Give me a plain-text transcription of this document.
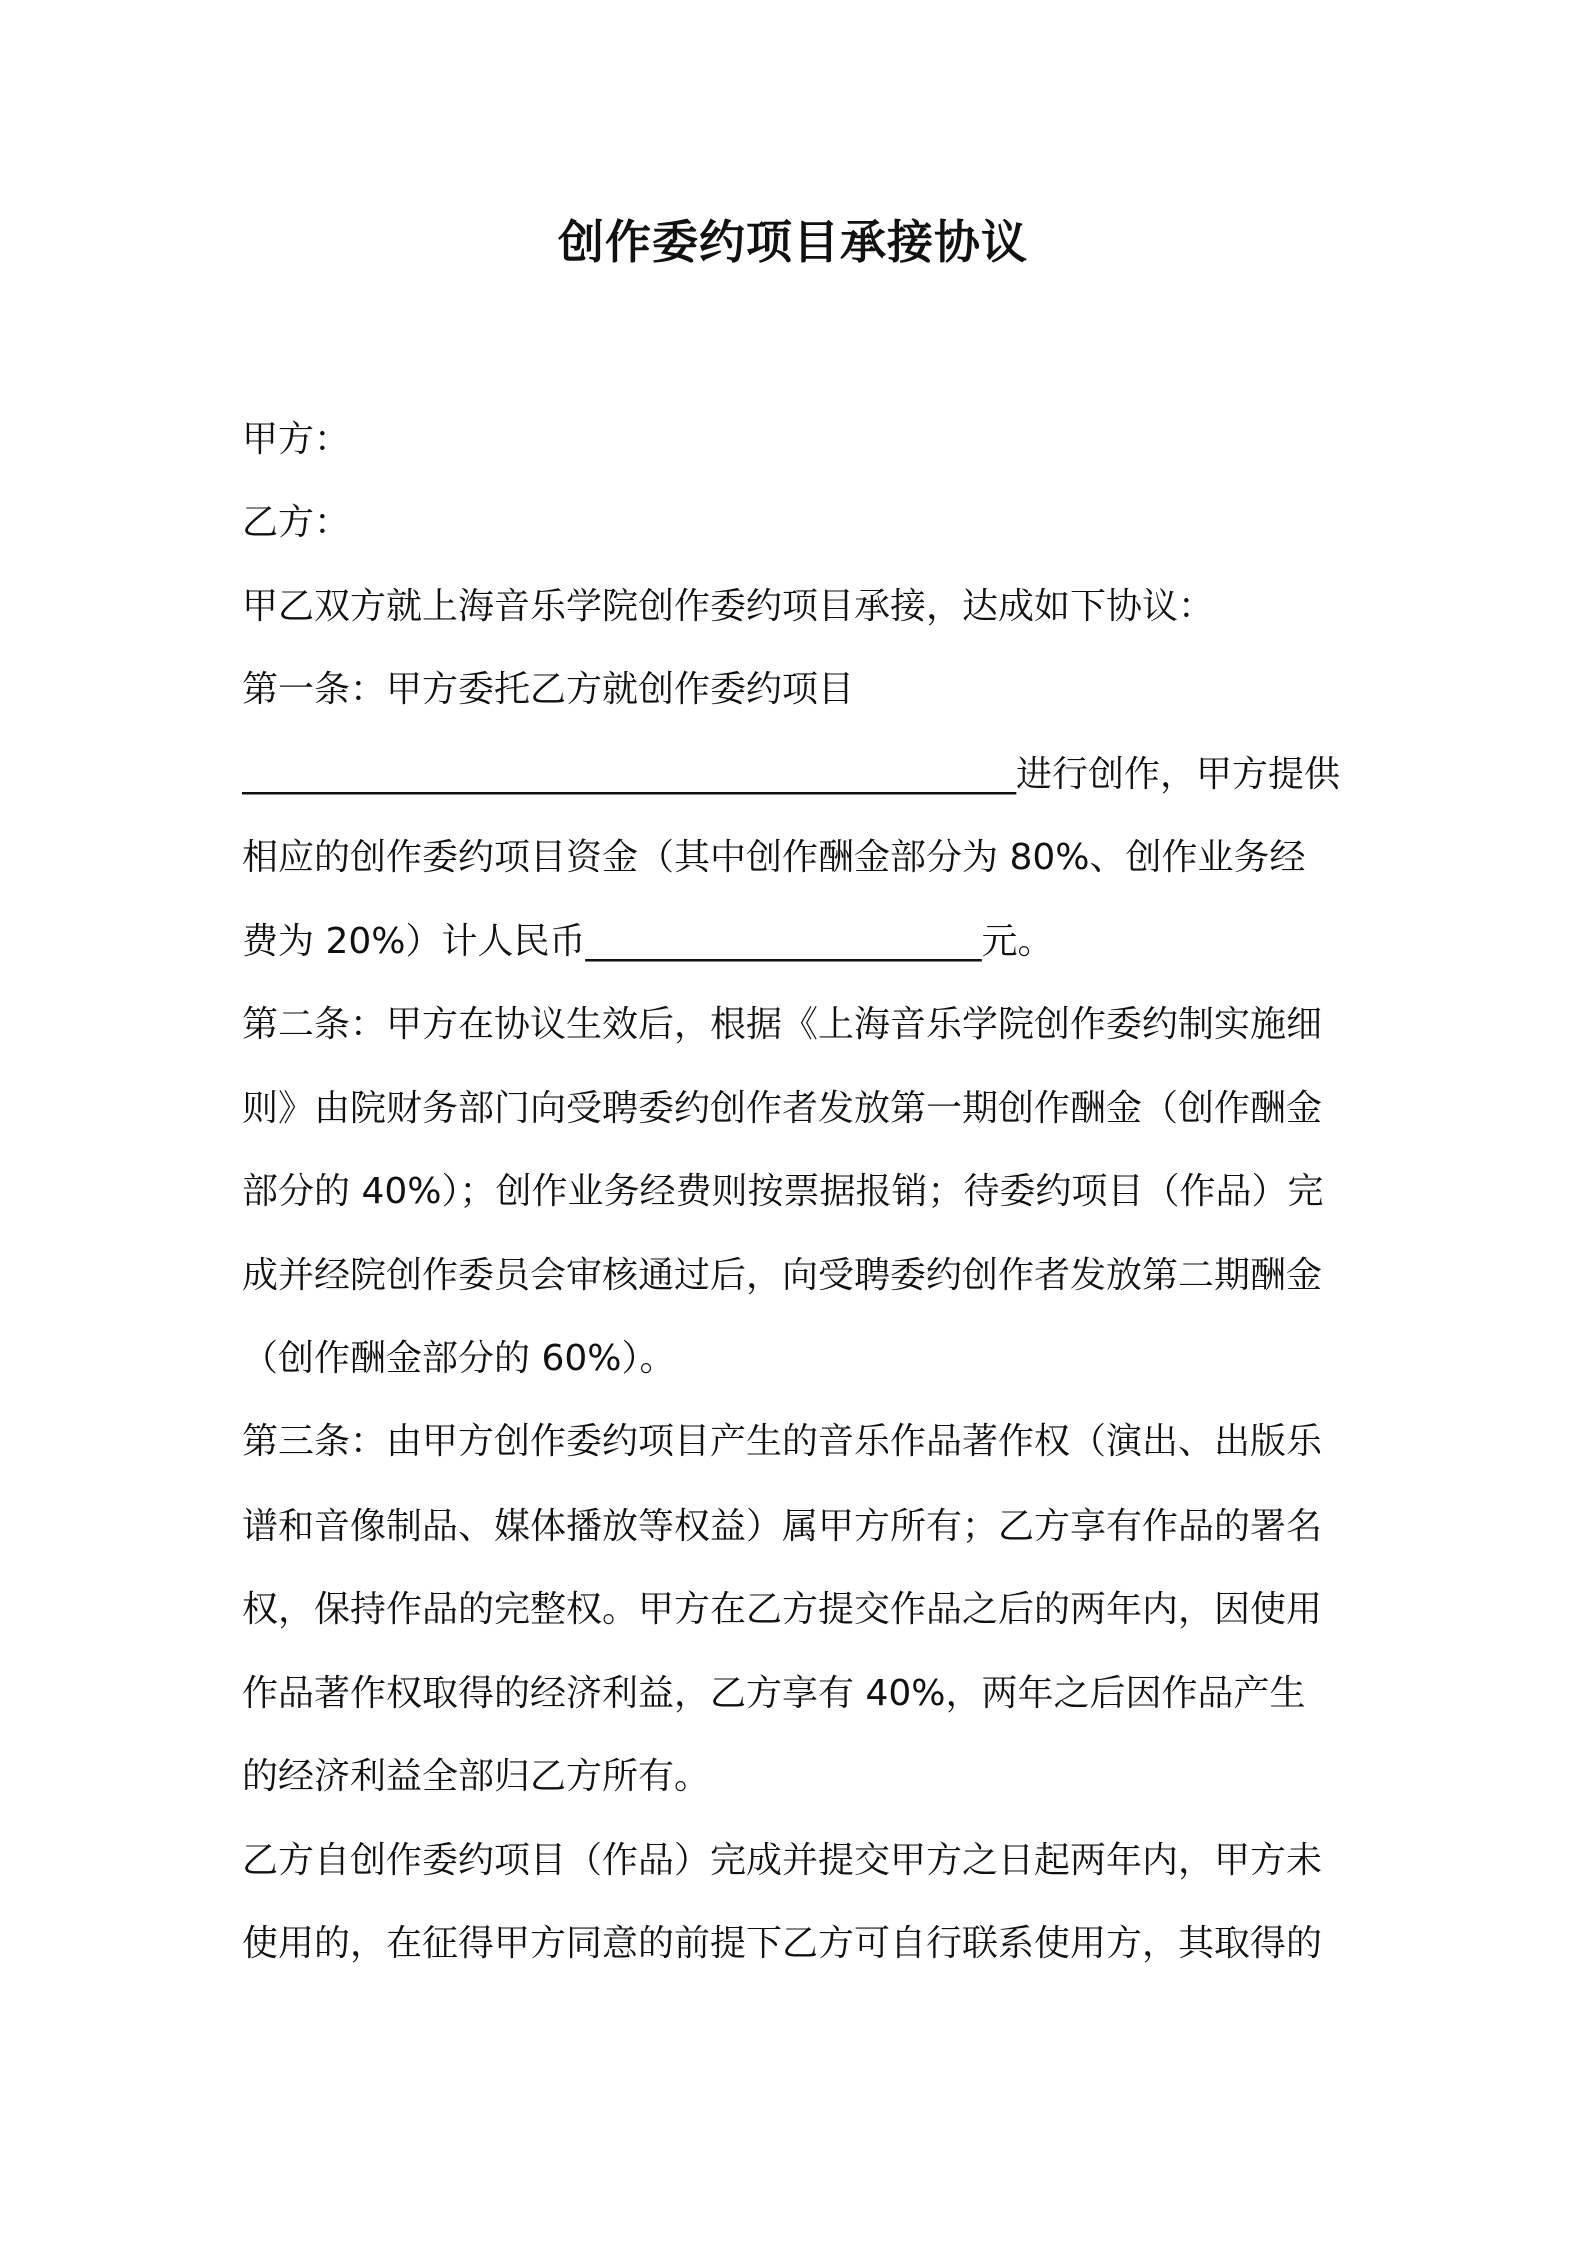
创作委约项目承接协议
甲方：
乙方：
甲乙双方就上海音乐学院创作委约项目承接，达成如下协议：
第一条：甲方委托乙方就创作委约项目
___________________________________________进行创作，甲方提供
相应的创作委约项目资金（其中创作酬金部分为 80%、创作业务经
费为 20%）计人民币______________________元。
第二条：甲方在协议生效后，根据《上海音乐学院创作委约制实施细
则》由院财务部门向受聘委约创作者发放第一期创作酬金（创作酬金
部分的 40%）；创作业务经费则按票据报销；待委约项目（作品）完
成并经院创作委员会审核通过后，向受聘委约创作者发放第二期酬金
（创作酬金部分的 60%）。
第三条：由甲方创作委约项目产生的音乐作品著作权（演出、出版乐
谱和音像制品、媒体播放等权益）属甲方所有；乙方享有作品的署名
权，保持作品的完整权。甲方在乙方提交作品之后的两年内，因使用
作品著作权取得的经济利益，乙方享有 40%，两年之后因作品产生
的经济利益全部归乙方所有。
乙方自创作委约项目（作品）完成并提交甲方之日起两年内，甲方未
使用的，在征得甲方同意的前提下乙方可自行联系使用方，其取得的
